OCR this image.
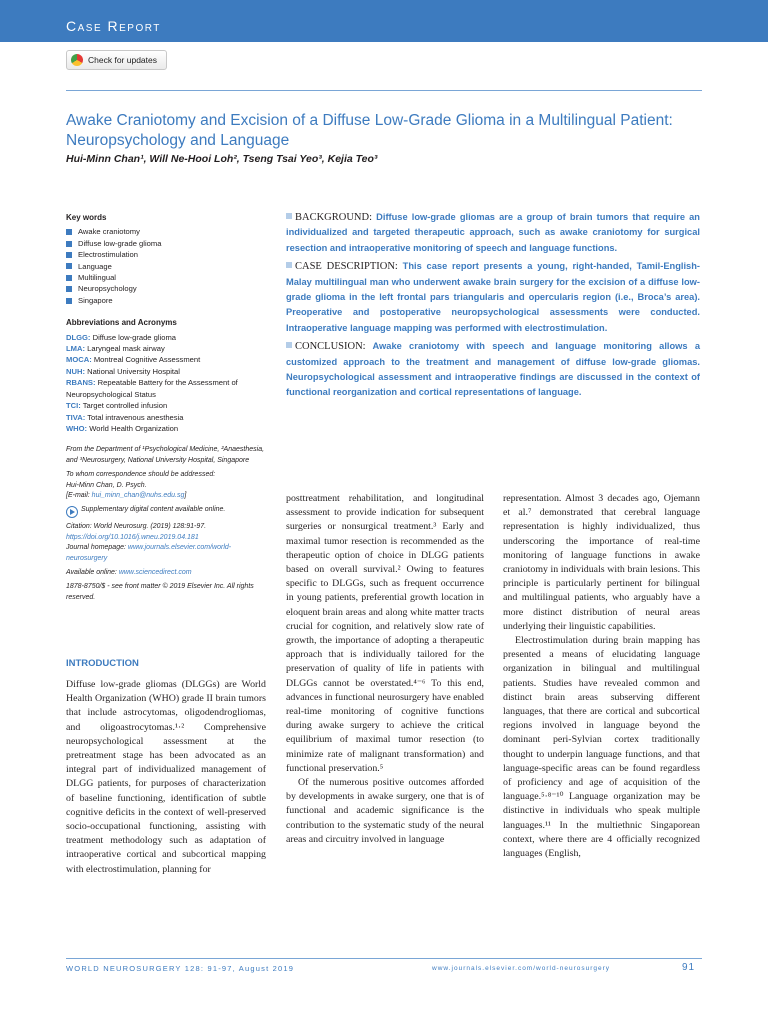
Case Report
Check for updates
Awake Craniotomy and Excision of a Diffuse Low-Grade Glioma in a Multilingual Patient: Neuropsychology and Language
Hui-Minn Chan¹, Will Ne-Hooi Loh², Tseng Tsai Yeo³, Kejia Teo³
Key words
Awake craniotomy
Diffuse low-grade glioma
Electrostimulation
Language
Multilingual
Neuropsychology
Singapore
Abbreviations and Acronyms
DLGG: Diffuse low-grade glioma
LMA: Laryngeal mask airway
MOCA: Montreal Cognitive Assessment
NUH: National University Hospital
RBANS: Repeatable Battery for the Assessment of Neuropsychological Status
TCI: Target controlled infusion
TIVA: Total intravenous anesthesia
WHO: World Health Organization

From the Department of ¹Psychological Medicine, ²Anaesthesia, and ³Neurosurgery, National University Hospital, Singapore

To whom correspondence should be addressed:
Hui-Minn Chan, D. Psych.
[E-mail: hui_minn_chan@nuhs.edu.sg]

Supplementary digital content available online.

Citation: World Neurosurg. (2019) 128:91-97.
https://doi.org/10.1016/j.wneu.2019.04.181
Journal homepage: www.journals.elsevier.com/world-neurosurgery

Available online: www.sciencedirect.com

1878-8750/$ - see front matter © 2019 Elsevier Inc. All rights reserved.

BACKGROUND: Diffuse low-grade gliomas are a group of brain tumors that require an individualized and targeted therapeutic approach, such as awake craniotomy for surgical resection and intraoperative monitoring of speech and language functions.

CASE DESCRIPTION: This case report presents a young, right-handed, Tamil-English-Malay multilingual man who underwent awake brain surgery for the excision of a diffuse low-grade glioma in the left frontal pars triangularis and opercularis region (i.e., Broca’s area). Preoperative and postoperative neuropsychological assessments were conducted. Intraoperative language mapping was performed with electrostimulation.

CONCLUSION: Awake craniotomy with speech and language monitoring allows a customized approach to the treatment and management of diffuse low-grade gliomas. Neuropsychological assessment and intraoperative findings are discussed in the context of functional reorganization and cortical representations of language.

INTRODUCTION

Diffuse low-grade gliomas (DLGGs) are World Health Organization (WHO) grade II brain tumors that include astrocytomas, oligodendrogliomas, and oligoastrocytomas.¹·² Comprehensive neuropsychological assessment at the pretreatment stage has been advocated as an integral part of individualized management of DLGG patients, for purposes of characterization of baseline functioning, identification of subtle cognitive deficits in the context of well-preserved socio-occupational functioning, assisting with treatment methodology such as adaptation of intraoperative cortical and subcortical mapping with electrostimulation, planning for

posttreatment rehabilitation, and longitudinal assessment to provide indication for subsequent surgeries or nonsurgical treatment.³ Early and maximal tumor resection is recommended as the therapeutic option of choice in DLGG patients based on overall survival.² Owing to features specific to DLGGs, such as frequent occurrence in young patients, preferential growth location in eloquent brain areas and along white matter tracts crucial for cognition, and relatively slow rate of growth, the importance of adopting a therapeutic approach that is individually tailored for the preservation of quality of life in patients with DLGGs cannot be overstated.⁴⁻⁶ To this end, advances in functional neurosurgery have enabled real-time monitoring of cognitive functions during awake surgery to achieve the critical equilibrium of maximal tumor resection (to minimize rate of malignant transformation) and functional preservation.⁵

Of the numerous positive outcomes afforded by developments in awake surgery, one that is of functional and academic significance is the contribution to the systematic study of the neural areas and circuitry involved in language

representation. Almost 3 decades ago, Ojemann et al.⁷ demonstrated that cerebral language representation is highly individualized, thus underscoring the importance of real-time monitoring of language functions in awake craniotomy in individuals with brain lesions. This principle is particularly pertinent for bilingual and multilingual patients, who arguably have a more distinct distribution of neural areas underlying their linguistic capabilities.

Electrostimulation during brain mapping has presented a means of elucidating language organization in bilingual and multilingual patients. Studies have revealed common and distinct brain areas subserving different languages, that there are cortical and subcortical regions involved in language beyond the dominant peri-Sylvian cortex traditionally thought to underpin language functions, and that language-specific areas can be found regardless of proficiency and age of acquisition of the language.⁵·⁸⁻¹⁰ Language organization may be distinctive in individuals who speak multiple languages.¹¹ In the multiethnic Singaporean context, where there are 4 officially recognized languages (English,

WORLD NEUROSURGERY 128: 91-97, August 2019	www.journals.elsevier.com/world-neurosurgery	91
